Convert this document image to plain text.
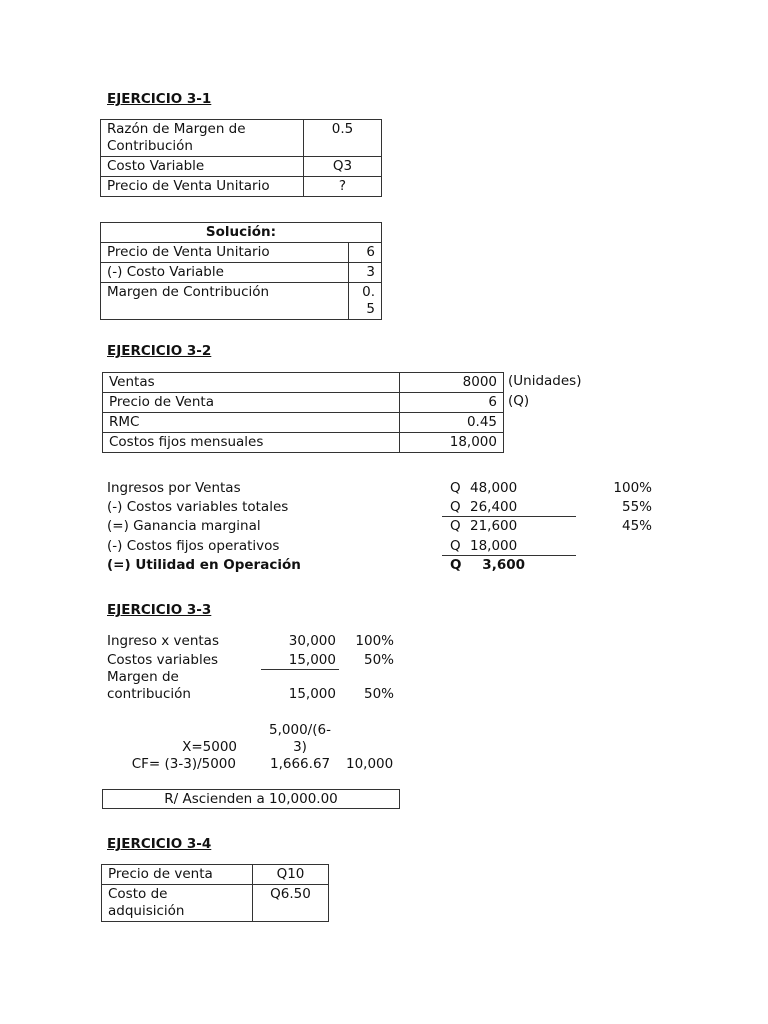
EJERCICIO 3-1
Razón de Margen de Contribución	0.5
Costo Variable	Q3
Precio de Venta Unitario	?
Solución:	
Precio de Venta Unitario	6
(-) Costo Variable	3
Margen de Contribución	0.5
EJERCICIO 3-2
Ventas	8000
Precio de Venta	6
RMC	0.45
Costos fijos mensuales	18,000
(Unidades)
(Q)
Ingresos por Ventas	Q 48,000	100%
(-) Costos variables totales	Q 26,400	55%
(=) Ganancia marginal	Q 21,600	45%
(-) Costos fijos operativos	Q 18,000
(=) Utilidad en Operación	Q	3,600
EJERCICIO 3-3
Ingreso x ventas	30,000	100%
Costos variables	15,000	50%
Margen de contribución	15,000	50%
5,000/(6-3)
X=5000
CF= (3-3)/5000	1,666.67 10,000
R/ Ascienden a 10,000.00
EJERCICIO 3-4
Precio de venta	Q10
Costo de adquisición	Q6.50
